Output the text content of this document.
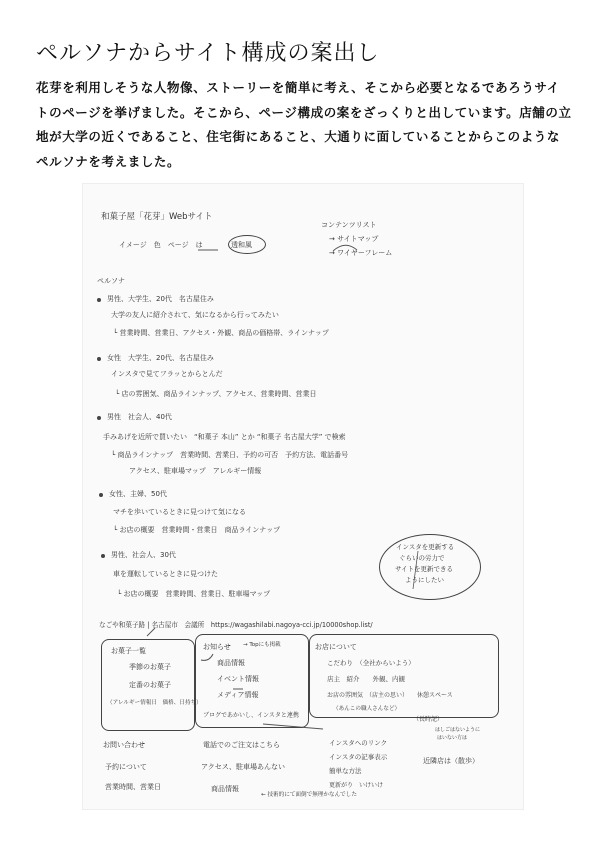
ペルソナからサイト構成の案出し

花芽を利用しそうな人物像、ストーリーを簡単に考え、そこから必要となるであろうサイ

トのページを挙げました。そこから、ページ構成の案をざっくりと出しています。店舗の立

地が大学の近くであること、住宅街にあること、大通りに面していることからこのような

ペルソナを考えました。

和菓子屋「花芽」Webサイト
コンテンツリスト
→ サイトマップ
→ ワイヤーフレーム
イメージ　色　ページ　は	透和風
ペルソナ
男性、大学生、20代　名古屋住み
大学の友人に紹介されて、気になるから行ってみたい
└ 営業時間、営業日、アクセス・外観、商品の価格帯、ラインナップ
女性　大学生、20代、名古屋住み
インスタで見てフラッとからとんだ
└ 店の雰囲気、商品ラインナップ、アクセス、営業時間、営業日
男性　社会人、40代
手みあげを近所で買いたい　“和菓子 本山” とか “和菓子 名古屋大学” で検索
└ 商品ラインナップ　営業時間、営業日、予約の可否　予約方法、電話番号
アクセス、駐車場マップ　アレルギー情報
女性、主婦、50代
マチを歩いているときに見つけて気になる
└ お店の概要　営業時間・営業日　商品ラインナップ
男性、社会人、30代
車を運転しているときに見つけた
└ お店の概要　営業時間、営業日、駐車場マップ
インスタを更新する
ぐらいの労力で
サイトを更新できる
ようにしたい
なごや和菓子路 | 名古屋市　会議所　https://wagashilabi.nagoya-cci.jp/10000shop.list/
お菓子一覧
季節のお菓子
定番のお菓子
（アレルギー情報日　価格、日持ち）
お知らせ → Topにも掲載
商品情報
イベント情報
メディア情報
ブログであかいし、インスタと連携
お店について
こだわり　（全社からいよう）
店主　紹介　　外観、内観
お店の雰囲気　（店主の思い）　　休憩スペース
（あんこの職人さんなど）
お問い合わせ
予約について
営業時間、営業日
電話でのご注文はこちら
アクセス、駐車場あんない
商品情報
← 技術的にて面倒で無理かなんでした
インスタへのリンク
インスタの記事表示
簡単な方法
更新がり　いけいけ
（長時記）
はしごはないように
はいない方は
近隣店は（散歩）
